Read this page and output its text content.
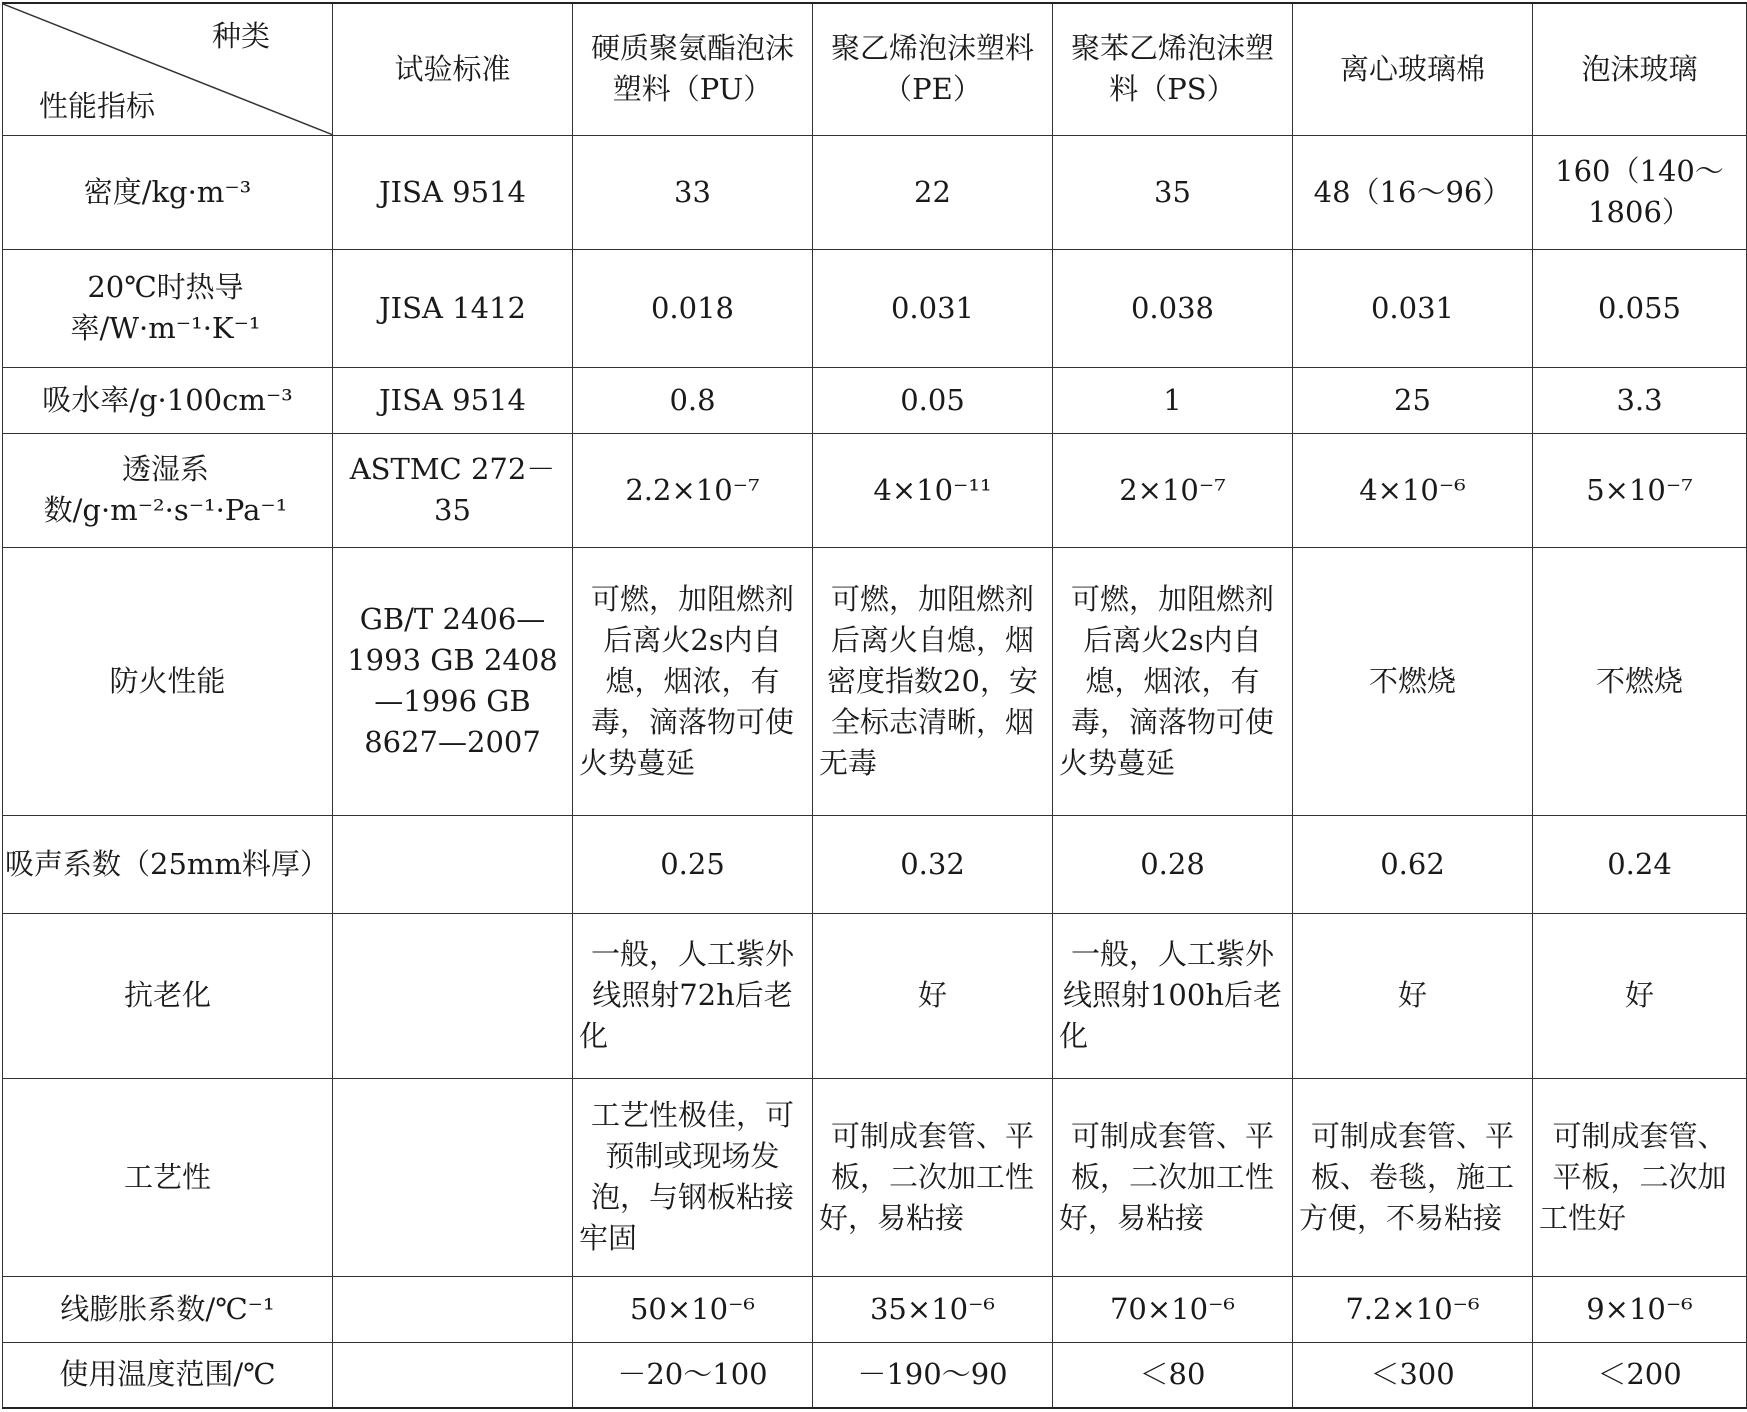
种类
性能指标	试验标准	硬质聚氨酯泡沫塑料（PU）	聚乙烯泡沫塑料（PE）	聚苯乙烯泡沫塑料（PS）	离心玻璃棉	泡沫玻璃
密度/kg·m⁻³	JISA 9514	33	22	35	48（16～96）	160（140～1806）
20℃时热导率/W·m⁻¹·K⁻¹	JISA 1412	0.018	0.031	0.038	0.031	0.055
吸水率/g·100cm⁻³	JISA 9514	0.8	0.05	1	25	3.3
透湿系数/g·m⁻²·s⁻¹·Pa⁻¹	ASTMC 272－35	2.2×10⁻⁷	4×10⁻¹¹	2×10⁻⁷	4×10⁻⁶	5×10⁻⁷
防火性能	GB/T 2406—1993 GB 2408—1996 GB 8627—2007	可燃，加阻燃剂后离火2s内自熄，烟浓，有毒，滴落物可使火势蔓延	可燃，加阻燃剂后离火自熄，烟密度指数20，安全标志清晰，烟无毒	可燃，加阻燃剂后离火2s内自熄，烟浓，有毒，滴落物可使火势蔓延	不燃烧	不燃烧
吸声系数（25mm料厚）		0.25	0.32	0.28	0.62	0.24
抗老化		一般，人工紫外线照射72h后老化	好	一般，人工紫外线照射100h后老化	好	好
工艺性		工艺性极佳，可预制或现场发泡，与钢板粘接牢固	可制成套管、平板，二次加工性好，易粘接	可制成套管、平板，二次加工性好，易粘接	可制成套管、平板、卷毯，施工方便，不易粘接	可制成套管、平板，二次加工性好
线膨胀系数/℃⁻¹		50×10⁻⁶	35×10⁻⁶	70×10⁻⁶	7.2×10⁻⁶	9×10⁻⁶
使用温度范围/℃		－20～100	－190～90	＜80	＜300	＜200
